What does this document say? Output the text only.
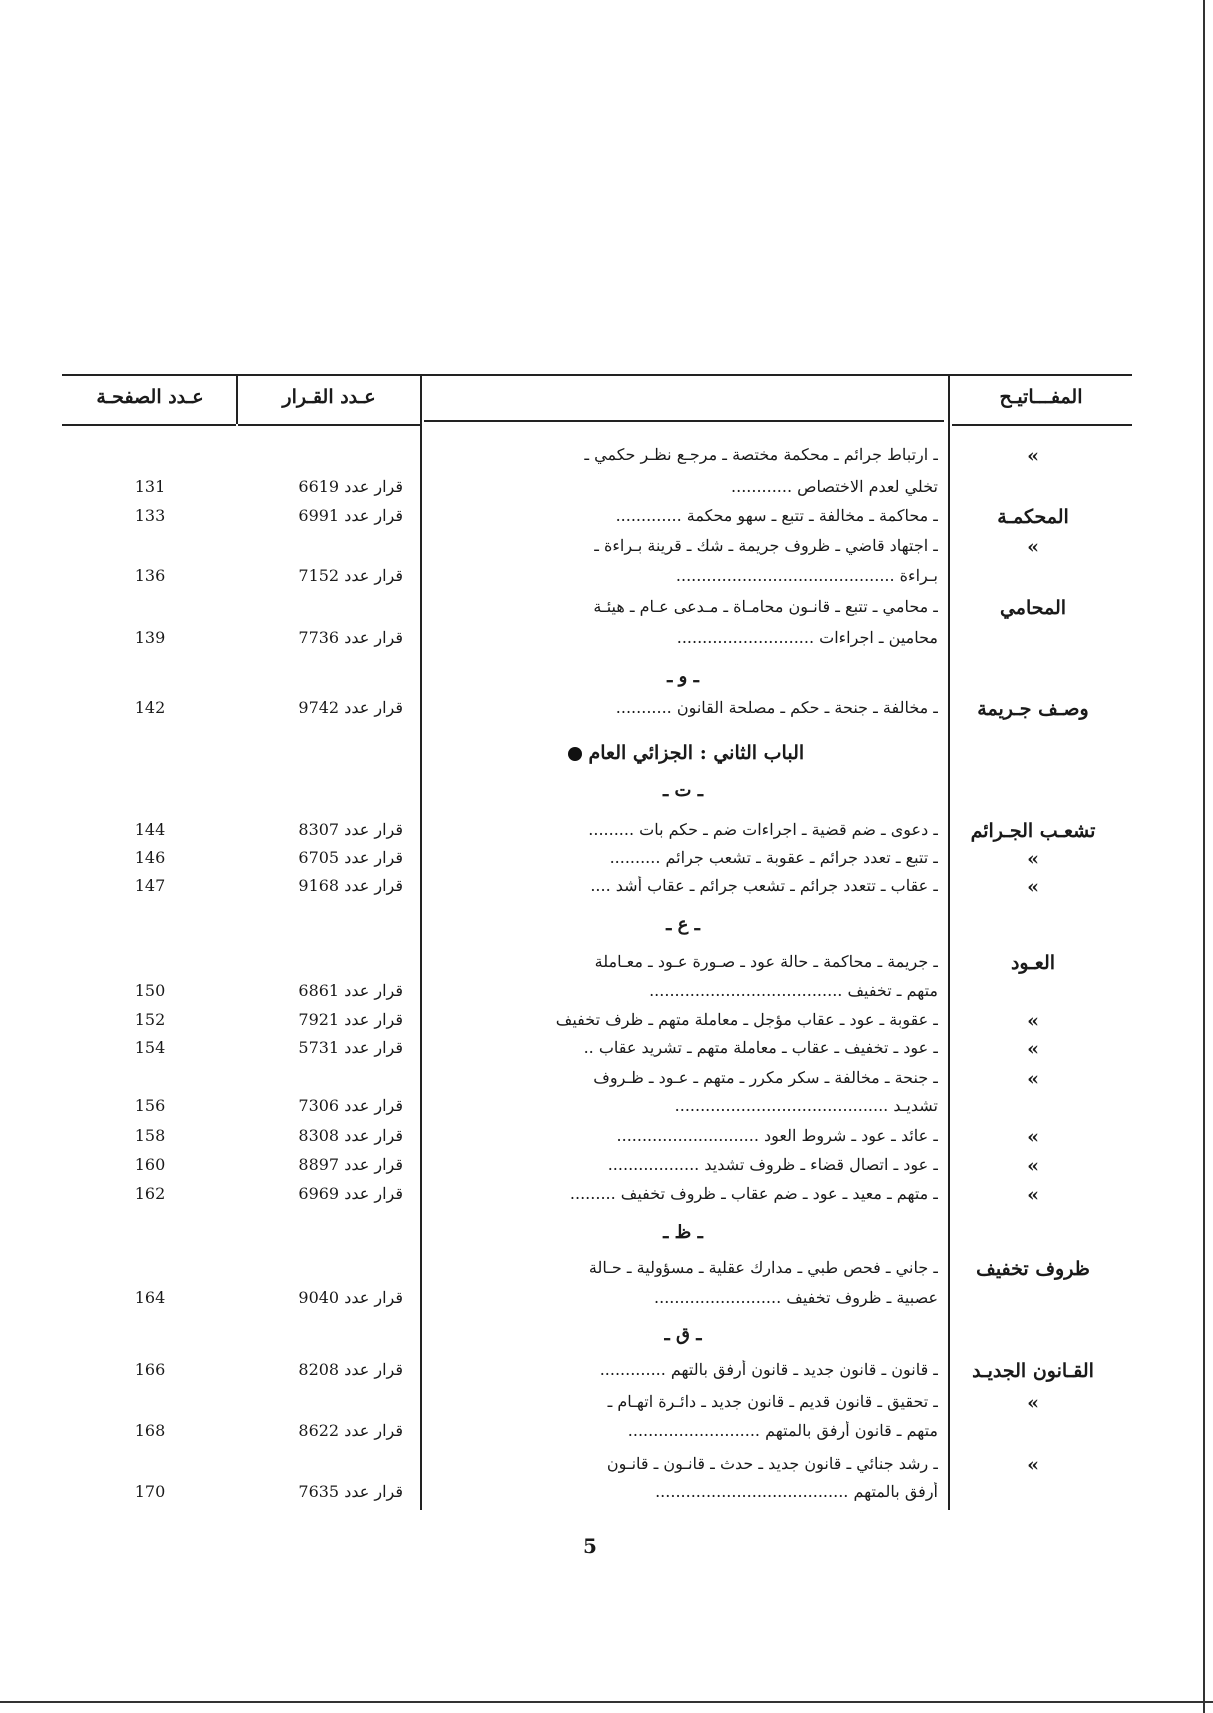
المفـــاتيـح
عـدد القـرار
عـدد الصفحـة
»
ـ ارتباط جرائم ـ محكمة مختصة ـ مرجـع نظـر حكمي ـ
تخلي لعدم الاختصاص ............
قرار عدد 6619
131
المحكمـة
ـ محاكمة ـ مخالفة ـ تتبع ـ سهو محكمة .............
قرار عدد 6991
133
»
ـ اجتهاد قاضي ـ ظروف جريمة ـ شك ـ قرينة بـراءة ـ
بـراءة ...........................................
قرار عدد 7152
136
المحامي
ـ محامي ـ تتبع ـ قانـون محامـاة ـ مـدعى عـام ـ هيئـة
محامين ـ اجراءات ...........................
قرار عدد 7736
139
ـ و ـ
وصـف جـريمة
ـ مخالفة ـ جنحة ـ حكم ـ مصلحة القانون ...........
قرار عدد 9742
142
الباب الثاني : الجزائي العام
ـ ت ـ
تشعـب الجـرائم
ـ دعوى ـ ضم قضية ـ اجراءات ضم ـ حكم بات .........
قرار عدد 8307
144
»
ـ تتبع ـ تعدد جرائم ـ عقوبة ـ تشعب جرائم ..........
قرار عدد 6705
146
»
ـ عقاب ـ تتعدد جرائم ـ تشعب جرائم ـ عقاب أشد ....
قرار عدد 9168
147
ـ ع ـ
العـود
ـ جريمة ـ محاكمة ـ حالة عود ـ صـورة عـود ـ معـاملة
متهم ـ تخفيف ......................................
قرار عدد 6861
150
»
ـ عقوبة ـ عود ـ عقاب مؤجل ـ معاملة متهم ـ ظرف تخفيف
قرار عدد 7921
152
»
ـ عود ـ تخفيف ـ عقاب ـ معاملة متهم ـ تشريد عقاب ..
قرار عدد 5731
154
»
ـ جنحة ـ مخالفة ـ سكر مكرر ـ متهم ـ عـود ـ ظـروف
تشديـد ..........................................
قرار عدد 7306
156
»
ـ عائد ـ عود ـ شروط العود ............................
قرار عدد 8308
158
»
ـ عود ـ اتصال قضاء ـ ظروف تشديد ..................
قرار عدد 8897
160
»
ـ متهم ـ معيد ـ عود ـ ضم عقاب ـ ظروف تخفيف .........
قرار عدد 6969
162
ـ ظ ـ
ظروف تخفيف
ـ جاني ـ فحص طبي ـ مدارك عقلية ـ مسؤولية ـ حـالة
عصبية ـ ظروف تخفيف .........................
قرار عدد 9040
164
ـ ق ـ
القـانون الجديـد
ـ قانون ـ قانون جديد ـ قانون أرفق بالتهم .............
قرار عدد 8208
166
»
ـ تحقيق ـ قانون قديم ـ قانون جديد ـ دائـرة اتهـام ـ
متهم ـ قانون أرفق بالمتهم ..........................
قرار عدد 8622
168
»
ـ رشد جنائي ـ قانون جديد ـ حدث ـ قانـون ـ قانـون
أرفق بالمتهم ......................................
قرار عدد 7635
170
5
